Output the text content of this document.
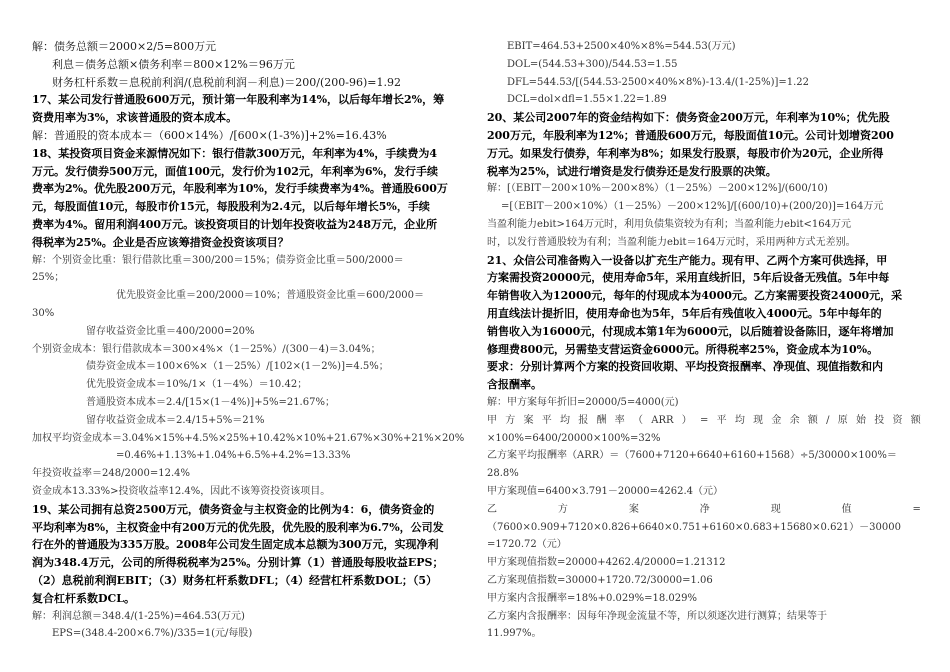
解：债务总额＝2000×2/5=800万元
利息＝债务总额×债务利率＝800×12%＝96万元
财务杠杆系数＝息税前利润/(息税前利润－利息)＝200/(200-96)=1.92
17、某公司发行普通股600万元，预计第一年股利率为14%，以后每年增长2%，筹
资费用率为3%，求该普通股的资本成本。
解：普通股的资本成本＝（600×14%）/[600×(1-3%)]+2%=16.43%
18、某投资项目资金来源情况如下：银行借款300万元，年利率为4%，手续费为4
万元。发行债券500万元，面值100元，发行价为102元，年利率为6%，发行手续
费率为2%。优先股200万元，年股利率为10%，发行手续费率为4%。普通股600万
元，每股面值10元，每股市价15元，每股股利为2.4元，以后每年增长5%，手续
费率为4%。留用利润400万元。该投资项目的计划年投资收益为248万元，企业所
得税率为25%。企业是否应该筹措资金投资该项目？
解：个别资金比重：银行借款比重＝300/200＝15%；债券资金比重＝500/2000＝
25%；
优先股资金比重＝200/2000＝10%；普通股资金比重＝600/2000＝
30%
留存收益资金比重＝400/2000=20%
个别资金成本：银行借款成本＝300×4%×（1－25%）/(300－4)＝3.04%；
债券资金成本＝100×6%×（1－25%）/[102×(1－2%)]=4.5%；
优先股资金成本＝10%/1×（1－4%）＝10.42；
普通股资本成本＝2.4/[15×(1－4%)]+5%=21.67%；
留存收益资金成本＝2.4/15+5%＝21%
加权平均资金成本＝3.04%×15%+4.5%×25%+10.42%×10%+21.67%×30%+21%×20%
=0.46%+1.13%+1.04%+6.5%+4.2%=13.33%
年投资收益率＝248/2000=12.4%
资金成本13.33%>投资收益率12.4%，因此不该筹资投资该项目。
19、某公司拥有总资2500万元，债务资金与主权资金的比例为4：6，债务资金的
平均利率为8%，主权资金中有200万元的优先股，优先股的股利率为6.7%，公司发
行在外的普通股为335万股。2008年公司发生固定成本总额为300万元，实现净利
润为348.4万元，公司的所得税税率为25%。分别计算（1）普通股每股收益EPS；
（2）息税前利润EBIT；（3）财务杠杆系数DFL；（4）经营杠杆系数DOL；（5）
复合杠杆系数DCL。
解：利润总额＝348.4/(1-25%)=464.53(万元)
EPS=(348.4-200×6.7%)/335=1(元/每股)
EBIT=464.53+2500×40%×8%=544.53(万元)
DOL=(544.53+300)/544.53=1.55
DFL=544.53/[(544.53-2500×40%×8%)-13.4/(1-25%)]=1.22
DCL=dol×dfl=1.55×1.22=1.89
20、某公司2007年的资金结构如下：债务资金200万元，年利率为10%；优先股
200万元，年股利率为12%；普通股600万元，每股面值10元。公司计划增资200
万元。如果发行债券，年利率为8%；如果发行股票，每股市价为20元，企业所得
税率为25%，试进行增资是发行债券还是发行股票的决策。
解：[（EBIT－200×10%－200×8%）（1－25%）－200×12%]/(600/10)
=[（EBIT－200×10%）（1－25%）－200×12%]/[(600/10)+(200/20)]=164万元
当盈利能力ebit>164万元时，利用负债集资较为有利；当盈利能力ebit<164万元
时，以发行普通股较为有利；当盈利能力ebit＝164万元时，采用两种方式无差别。
21、众信公司准备购入一设备以扩充生产能力。现有甲、乙两个方案可供选择，甲
方案需投资20000元，使用寿命5年，采用直线折旧，5年后设备无残值。5年中每
年销售收入为12000元，每年的付现成本为4000元。乙方案需要投资24000元，采
用直线法计提折旧，使用寿命也为5年，5年后有残值收入4000元。5年中每年的
销售收入为16000元，付现成本第1年为6000元，以后随着设备陈旧，逐年将增加
修理费800元，另需垫支营运资金6000元。所得税率25%，资金成本为10%。
要求：分别计算两个方案的投资回收期、平均投资报酬率、净现值、现值指数和内
含报酬率。
解：甲方案每年折旧=20000/5=4000(元)
甲 方 案 平 均 报 酬 率 （ ARR ） = 平 均 现 金 余 额 / 原 始 投 资 额
×100%=6400/20000×100%=32%
乙方案平均报酬率（ARR）＝（7600+7120+6640+6160+1568）÷5/30000×100%＝
28.8%
甲方案现值=6400×3.791－20000=4262.4（元）
乙	方	案	净	现	值	=
（7600×0.909+7120×0.826+6640×0.751+6160×0.683+15680×0.621）－30000
=1720.72（元）
甲方案现值指数=20000+4262.4/20000=1.21312
乙方案现值指数=30000+1720.72/30000=1.06
甲方案内含报酬率=18%+0.029%=18.029%
乙方案内含报酬率：因每年净现金流量不等，所以须逐次进行测算；结果等于
11.997%。
